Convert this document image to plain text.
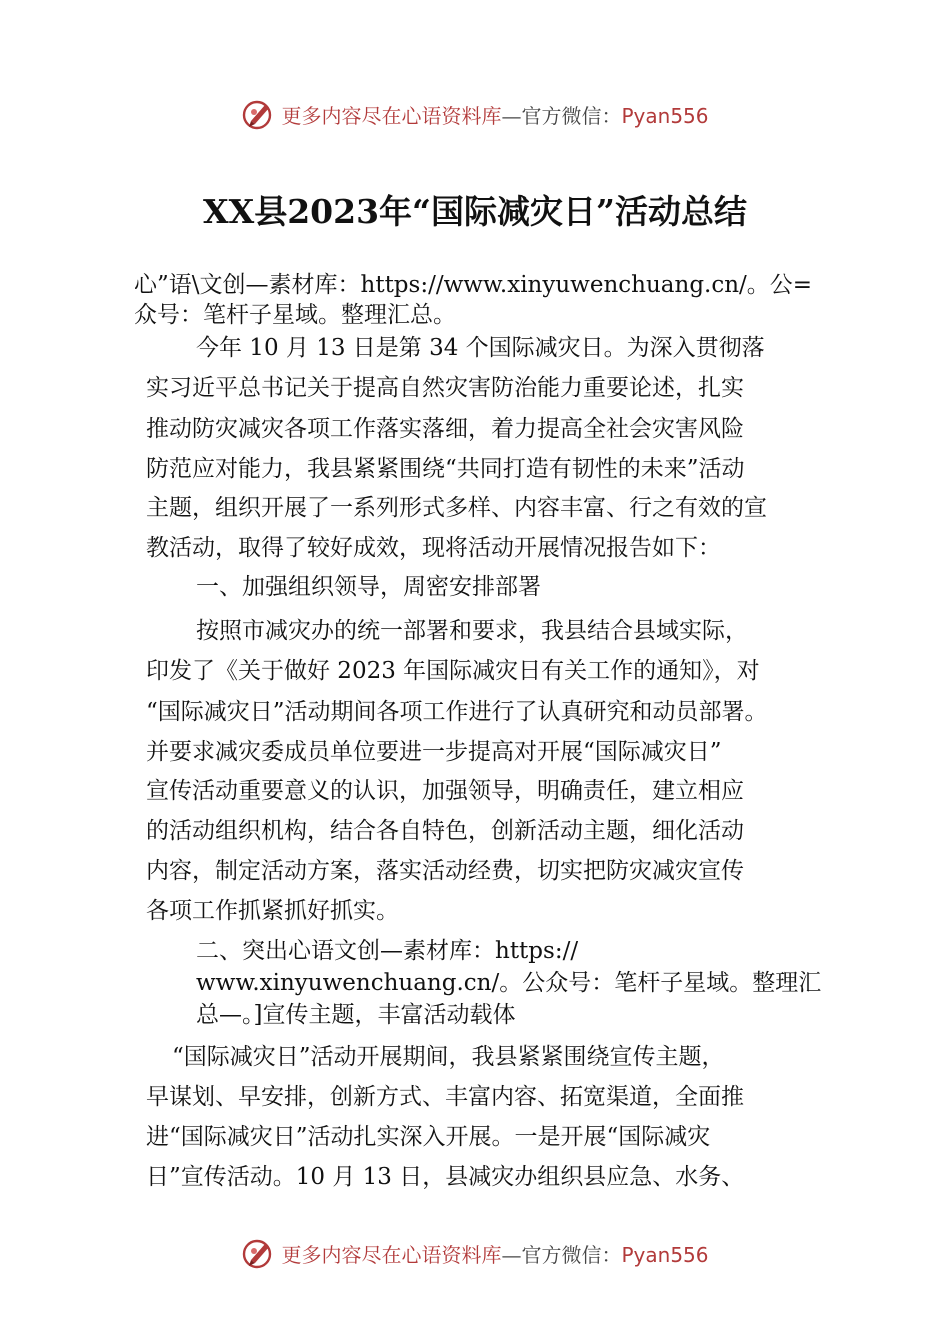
更多内容尽在心语资料库—官方微信：Pyan556
XX县2023年“国际减灾日”活动总结
心”语\文创—素材库：https://www.xinyuwenchuang.cn/。公=
众号：笔杆子星域。整理汇总。
今年 10 月 13 日是第 34 个国际减灾日。为深入贯彻落
实习近平总书记关于提高自然灾害防治能力重要论述，扎实
推动防灾减灾各项工作落实落细，着力提高全社会灾害风险
防范应对能力，我县紧紧围绕“共同打造有韧性的未来”活动
主题，组织开展了一系列形式多样、内容丰富、行之有效的宣
教活动，取得了较好成效，现将活动开展情况报告如下：
一、加强组织领导，周密安排部署
按照市减灾办的统一部署和要求，我县结合县域实际，
印发了《关于做好 2023 年国际减灾日有关工作的通知》，对
“国际减灾日”活动期间各项工作进行了认真研究和动员部署。
并要求减灾委成员单位要进一步提高对开展“国际减灾日”
宣传活动重要意义的认识，加强领导，明确责任，建立相应
的活动组织机构，结合各自特色，创新活动主题，细化活动
内容，制定活动方案，落实活动经费，切实把防灾减灾宣传
各项工作抓紧抓好抓实。
二、突出心语文创—素材库：https://
www.xinyuwenchuang.cn/。公众号：笔杆子星域。整理汇
总—。]宣传主题，丰富活动载体
“国际减灾日”活动开展期间，我县紧紧围绕宣传主题，
早谋划、早安排，创新方式、丰富内容、拓宽渠道，全面推
进“国际减灾日”活动扎实深入开展。一是开展“国际减灾
日”宣传活动。10 月 13 日，县减灾办组织县应急、水务、
更多内容尽在心语资料库—官方微信：Pyan556
